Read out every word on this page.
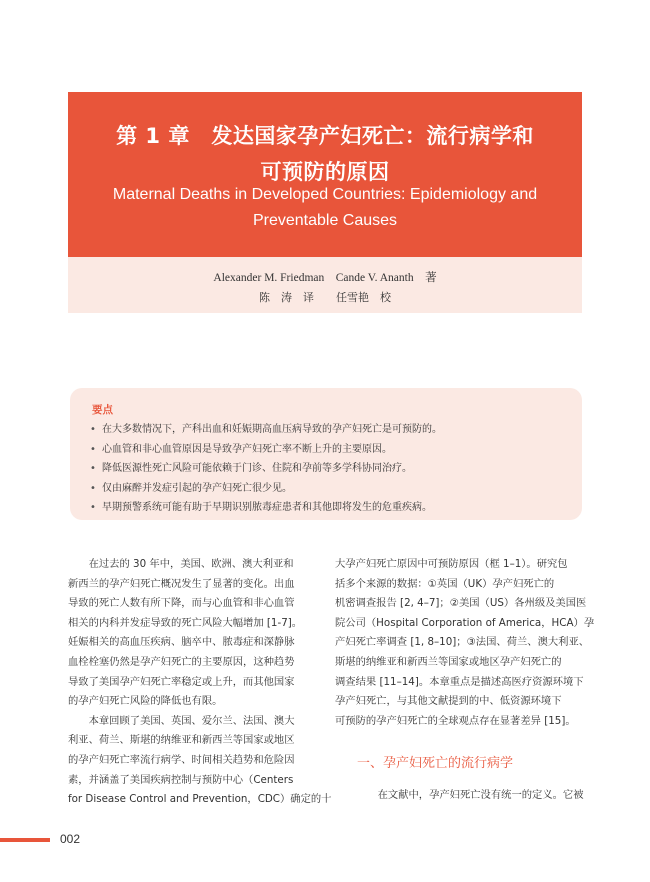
第 1 章　发达国家孕产妇死亡：流行病学和
可预防的原因
Maternal Deaths in Developed Countries: Epidemiology and
Preventable Causes
Alexander M. Friedman　Cande V. Ananth　著
陈　涛　译　　任雪艳　校
要点
• 在大多数情况下，产科出血和妊娠期高血压病导致的孕产妇死亡是可预防的。
• 心血管和非心血管原因是导致孕产妇死亡率不断上升的主要原因。
• 降低医源性死亡风险可能依赖于门诊、住院和孕前等多学科协同治疗。
• 仅由麻醉并发症引起的孕产妇死亡很少见。
• 早期预警系统可能有助于早期识别脓毒症患者和其他即将发生的危重疾病。
　　在过去的 30 年中，美国、欧洲、澳大利亚和
新西兰的孕产妇死亡概况发生了显著的变化。出血
导致的死亡人数有所下降，而与心血管和非心血管
相关的内科并发症导致的死亡风险大幅增加 [1-7]。
妊娠相关的高血压疾病、脑卒中、脓毒症和深静脉
血栓栓塞仍然是孕产妇死亡的主要原因，这种趋势
导致了美国孕产妇死亡率稳定或上升，而其他国家
的孕产妇死亡风险的降低也有限。
　　本章回顾了美国、英国、爱尔兰、法国、澳大
利亚、荷兰、斯堪的纳维亚和新西兰等国家或地区
的孕产妇死亡率流行病学、时间相关趋势和危险因
素，并涵盖了美国疾病控制与预防中心（Centers
for Disease Control and Prevention，CDC）确定的十
大孕产妇死亡原因中可预防原因（框 1–1）。研究包
括多个来源的数据：①英国（UK）孕产妇死亡的
机密调查报告 [2, 4–7]；②美国（US）各州级及美国医
院公司（Hospital Corporation of America，HCA）孕
产妇死亡率调查 [1, 8–10]；③法国、荷兰、澳大利亚、
斯堪的纳维亚和新西兰等国家或地区孕产妇死亡的
调查结果 [11–14]。本章重点是描述高医疗资源环境下
孕产妇死亡，与其他文献提到的中、低资源环境下
可预防的孕产妇死亡的全球观点存在显著差异 [15]。
一、孕产妇死亡的流行病学
　　在文献中，孕产妇死亡没有统一的定义。它被
002
